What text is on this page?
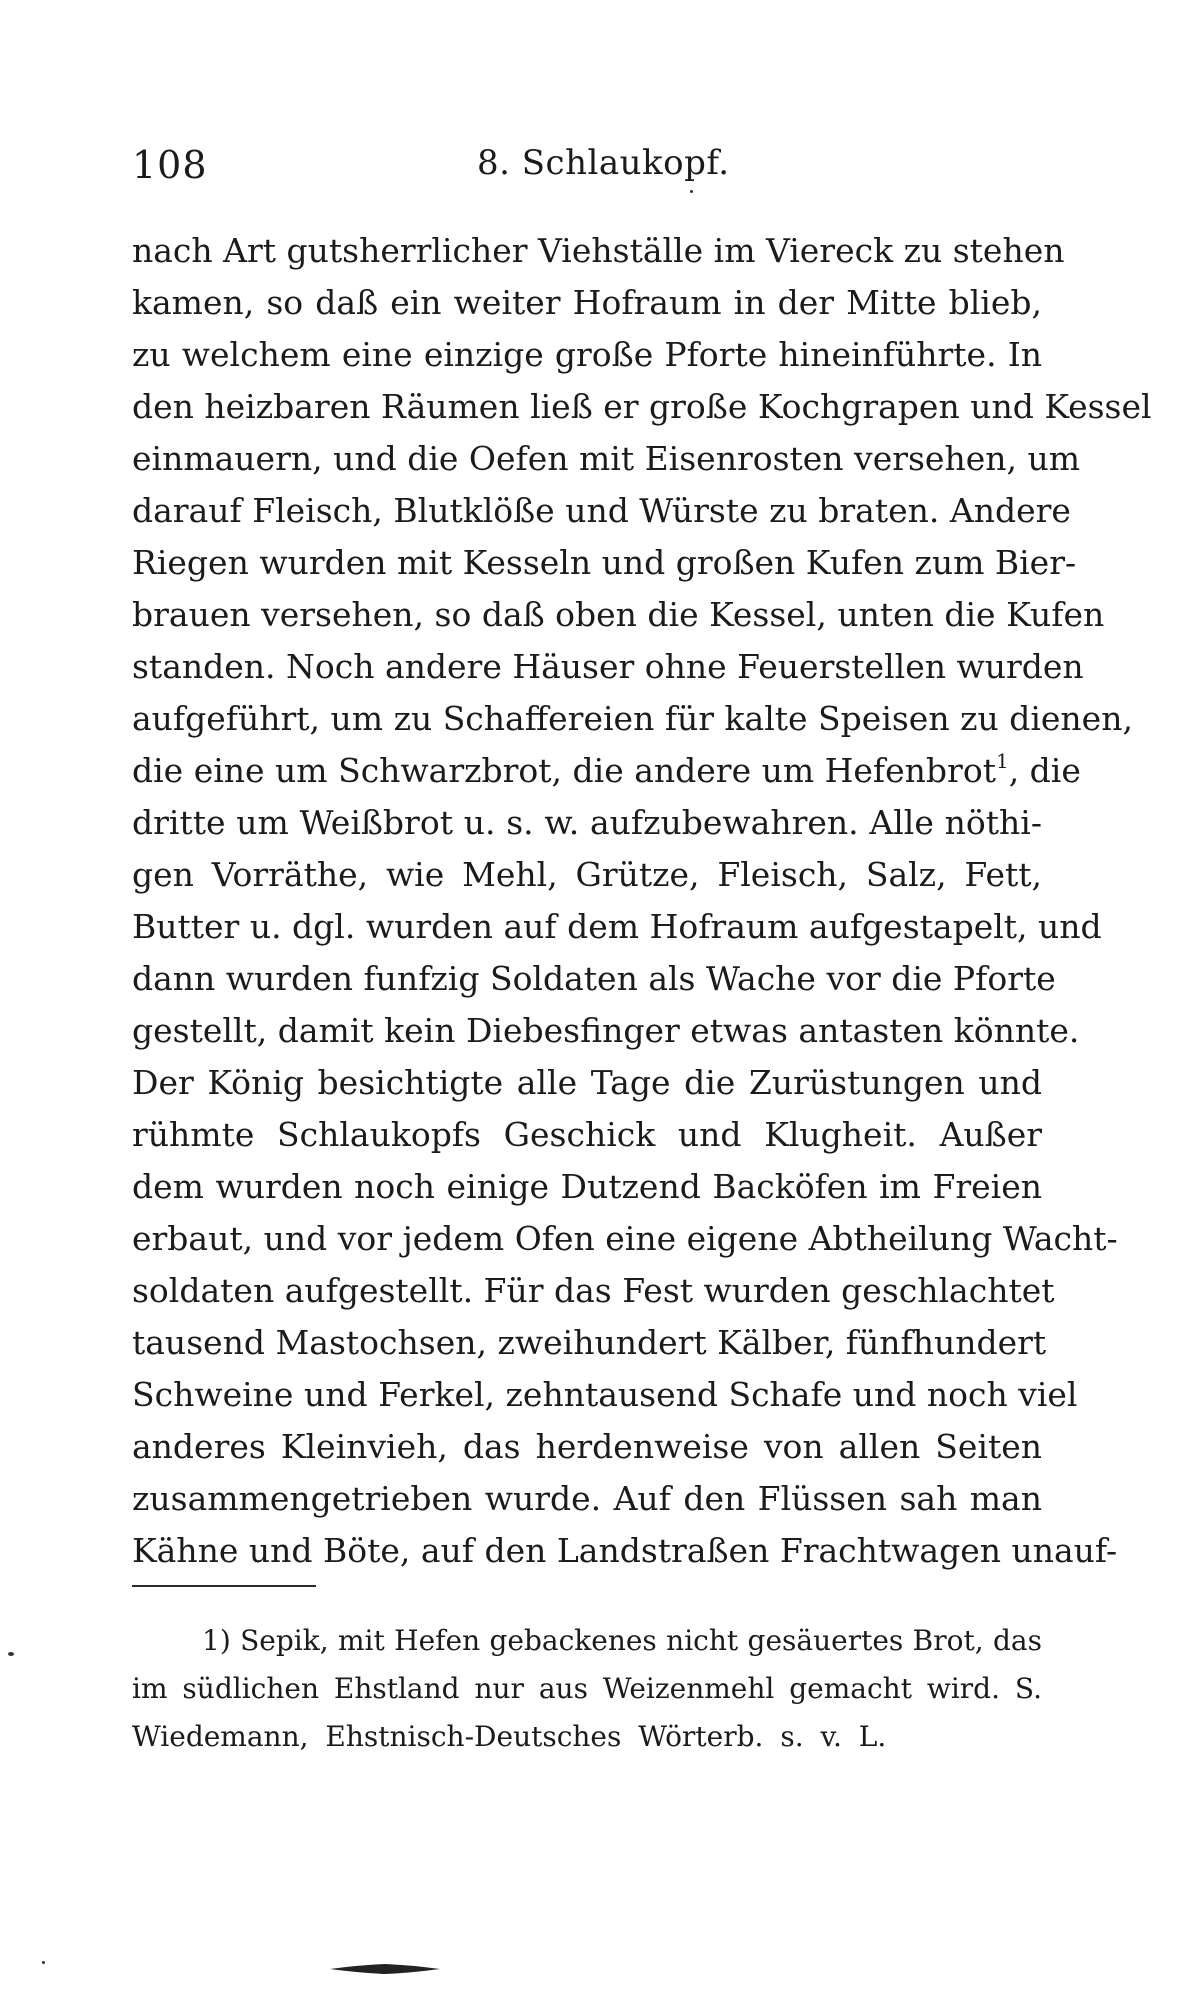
108	8. Schlaukopf.
nach Art gutsherrlicher Viehställe im Viereck zu stehen
kamen, so daß ein weiter Hofraum in der Mitte blieb,
zu welchem eine einzige große Pforte hineinführte. In
den heizbaren Räumen ließ er große Kochgrapen und Kessel
einmauern, und die Oefen mit Eisenrosten versehen, um
darauf Fleisch, Blutklöße und Würste zu braten. Andere
Riegen wurden mit Kesseln und großen Kufen zum Bier-
brauen versehen, so daß oben die Kessel, unten die Kufen
standen. Noch andere Häuser ohne Feuerstellen wurden
aufgeführt, um zu Schaffereien für kalte Speisen zu dienen,
die eine um Schwarzbrot, die andere um Hefenbrot$^1$, die
dritte um Weißbrot u. s. w. aufzubewahren. Alle nöthi-
gen Vorräthe, wie Mehl, Grütze, Fleisch, Salz, Fett,
Butter u. dgl. wurden auf dem Hofraum aufgestapelt, und
dann wurden funfzig Soldaten als Wache vor die Pforte
gestellt, damit kein Diebesfinger etwas antasten könnte.
Der König besichtigte alle Tage die Zurüstungen und
rühmte Schlaukopfs Geschick und Klugheit. Außer
dem wurden noch einige Dutzend Backöfen im Freien
erbaut, und vor jedem Ofen eine eigene Abtheilung Wacht-
soldaten aufgestellt. Für das Fest wurden geschlachtet
tausend Mastochsen, zweihundert Kälber, fünfhundert
Schweine und Ferkel, zehntausend Schafe und noch viel
anderes Kleinvieh, das herdenweise von allen Seiten
zusammengetrieben wurde. Auf den Flüssen sah man
Kähne und Böte, auf den Landstraßen Frachtwagen unauf-
1) Sepik, mit Hefen gebackenes nicht gesäuertes Brot, das
im südlichen Ehstland nur aus Weizenmehl gemacht wird. S.
Wiedemann, Ehstnisch-Deutsches Wörterb. s. v. L.
